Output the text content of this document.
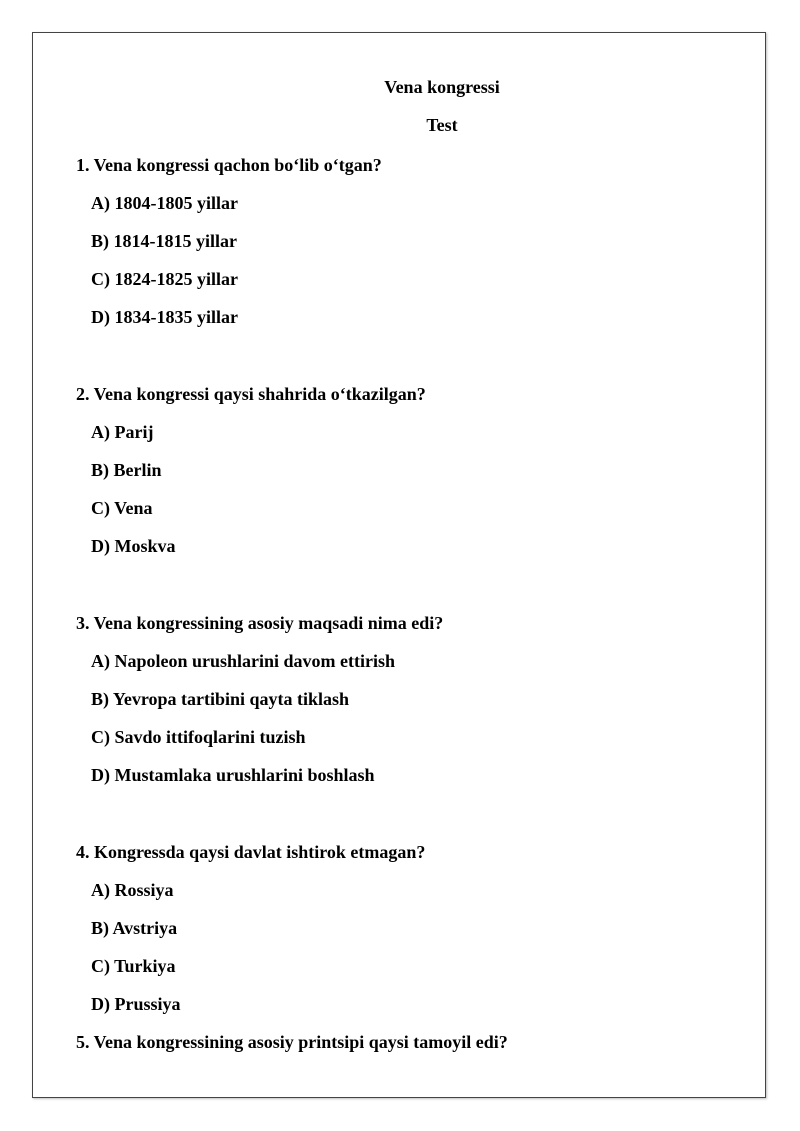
Vena kongressi
Test
1. Vena kongressi qachon bo‘lib o‘tgan?
A) 1804-1805 yillar
B) 1814-1815 yillar
C) 1824-1825 yillar
D) 1834-1835 yillar
2. Vena kongressi qaysi shahrida o‘tkazilgan?
A) Parij
B) Berlin
C) Vena
D) Moskva
3. Vena kongressining asosiy maqsadi nima edi?
A) Napoleon urushlarini davom ettirish
B) Yevropa tartibini qayta tiklash
C) Savdo ittifoqlarini tuzish
D) Mustamlaka urushlarini boshlash
4. Kongressda qaysi davlat ishtirok etmagan?
A) Rossiya
B) Avstriya
C) Turkiya
D) Prussiya
5. Vena kongressining asosiy printsipi qaysi tamoyil edi?
